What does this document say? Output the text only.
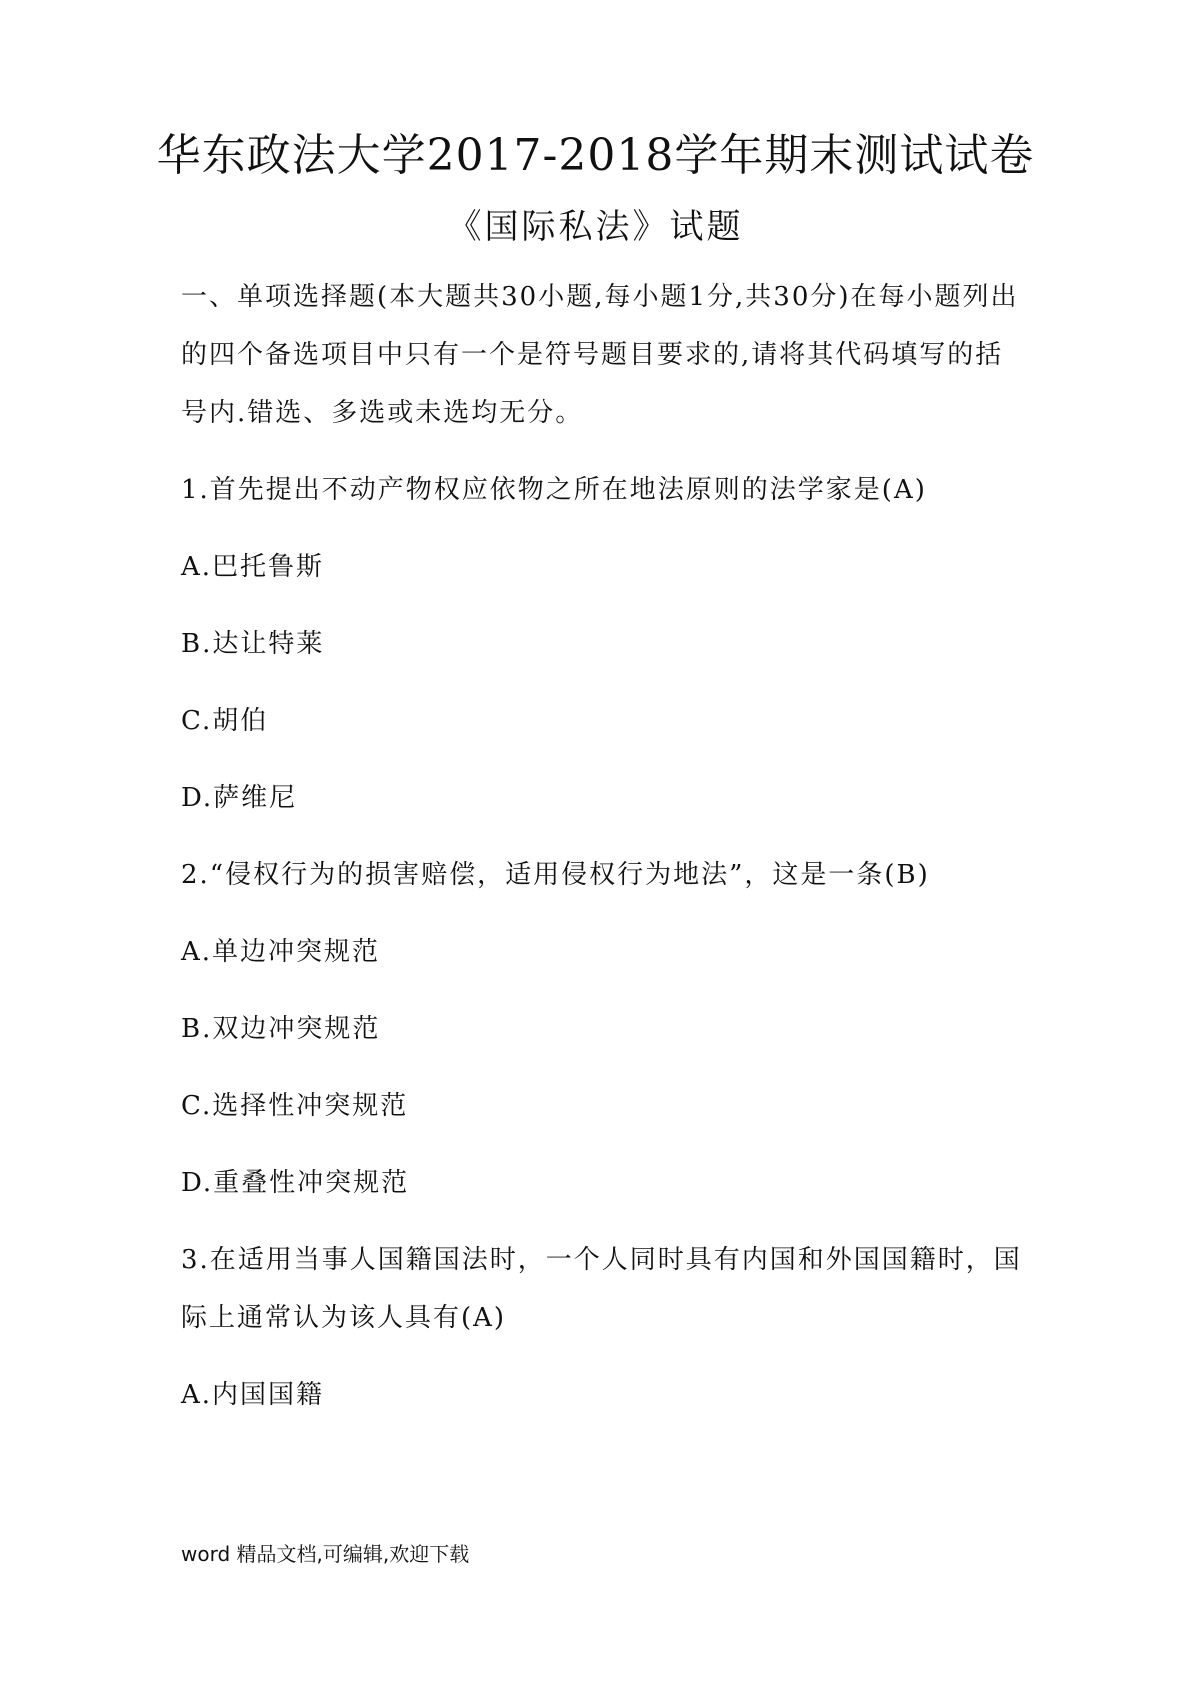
华东政法大学2017-2018学年期末测试试卷
《国际私法》试题
一、单项选择题(本大题共30小题,每小题1分,共30分)在每小题列出
的四个备选项目中只有一个是符号题目要求的,请将其代码填写的括
号内.错选、多选或未选均无分。
1.首先提出不动产物权应依物之所在地法原则的法学家是(A)
A.巴托鲁斯
B.达让特莱
C.胡伯
D.萨维尼
2.“侵权行为的损害赔偿，适用侵权行为地法”，这是一条(B)
A.单边冲突规范
B.双边冲突规范
C.选择性冲突规范
D.重叠性冲突规范
3.在适用当事人国籍国法时，一个人同时具有内国和外国国籍时，国
际上通常认为该人具有(A)
A.内国国籍
word 精品文档,可编辑,欢迎下载
